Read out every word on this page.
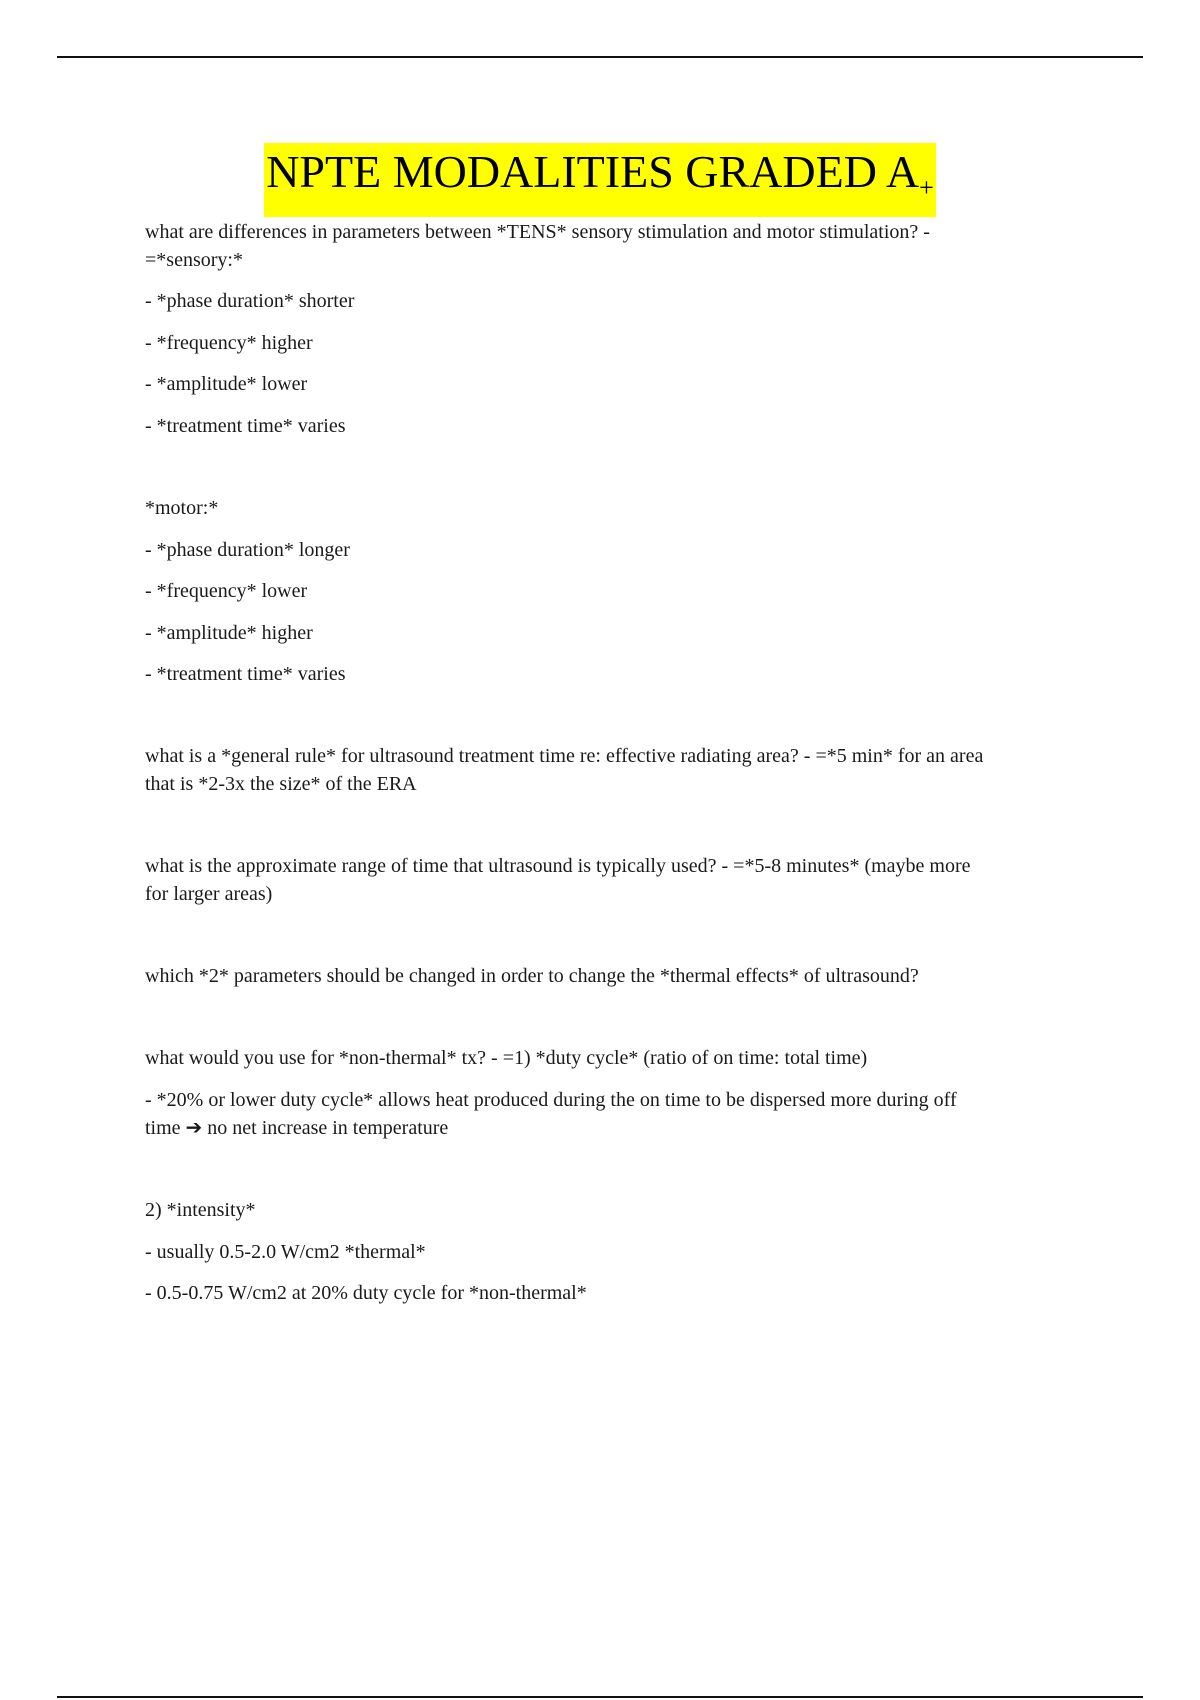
NPTE MODALITIES GRADED A+

what are differences in parameters between *TENS* sensory stimulation and motor stimulation? -

=*sensory:*

- *phase duration* shorter

- *frequency* higher

- *amplitude* lower

- *treatment time* varies

*motor:*

- *phase duration* longer

- *frequency* lower

- *amplitude* higher

- *treatment time* varies

what is a *general rule* for ultrasound treatment time re: effective radiating area? - =*5 min* for an area

that is *2-3x the size* of the ERA

what is the approximate range of time that ultrasound is typically used? - =*5-8 minutes* (maybe more

for larger areas)

which *2* parameters should be changed in order to change the *thermal effects* of ultrasound?

what would you use for *non-thermal* tx? - =1) *duty cycle* (ratio of on time: total time)

- *20% or lower duty cycle* allows heat produced during the on time to be dispersed more during off

time ➔ no net increase in temperature

2) *intensity*

- usually 0.5-2.0 W/cm2 *thermal*

- 0.5-0.75 W/cm2 at 20% duty cycle for *non-thermal*
